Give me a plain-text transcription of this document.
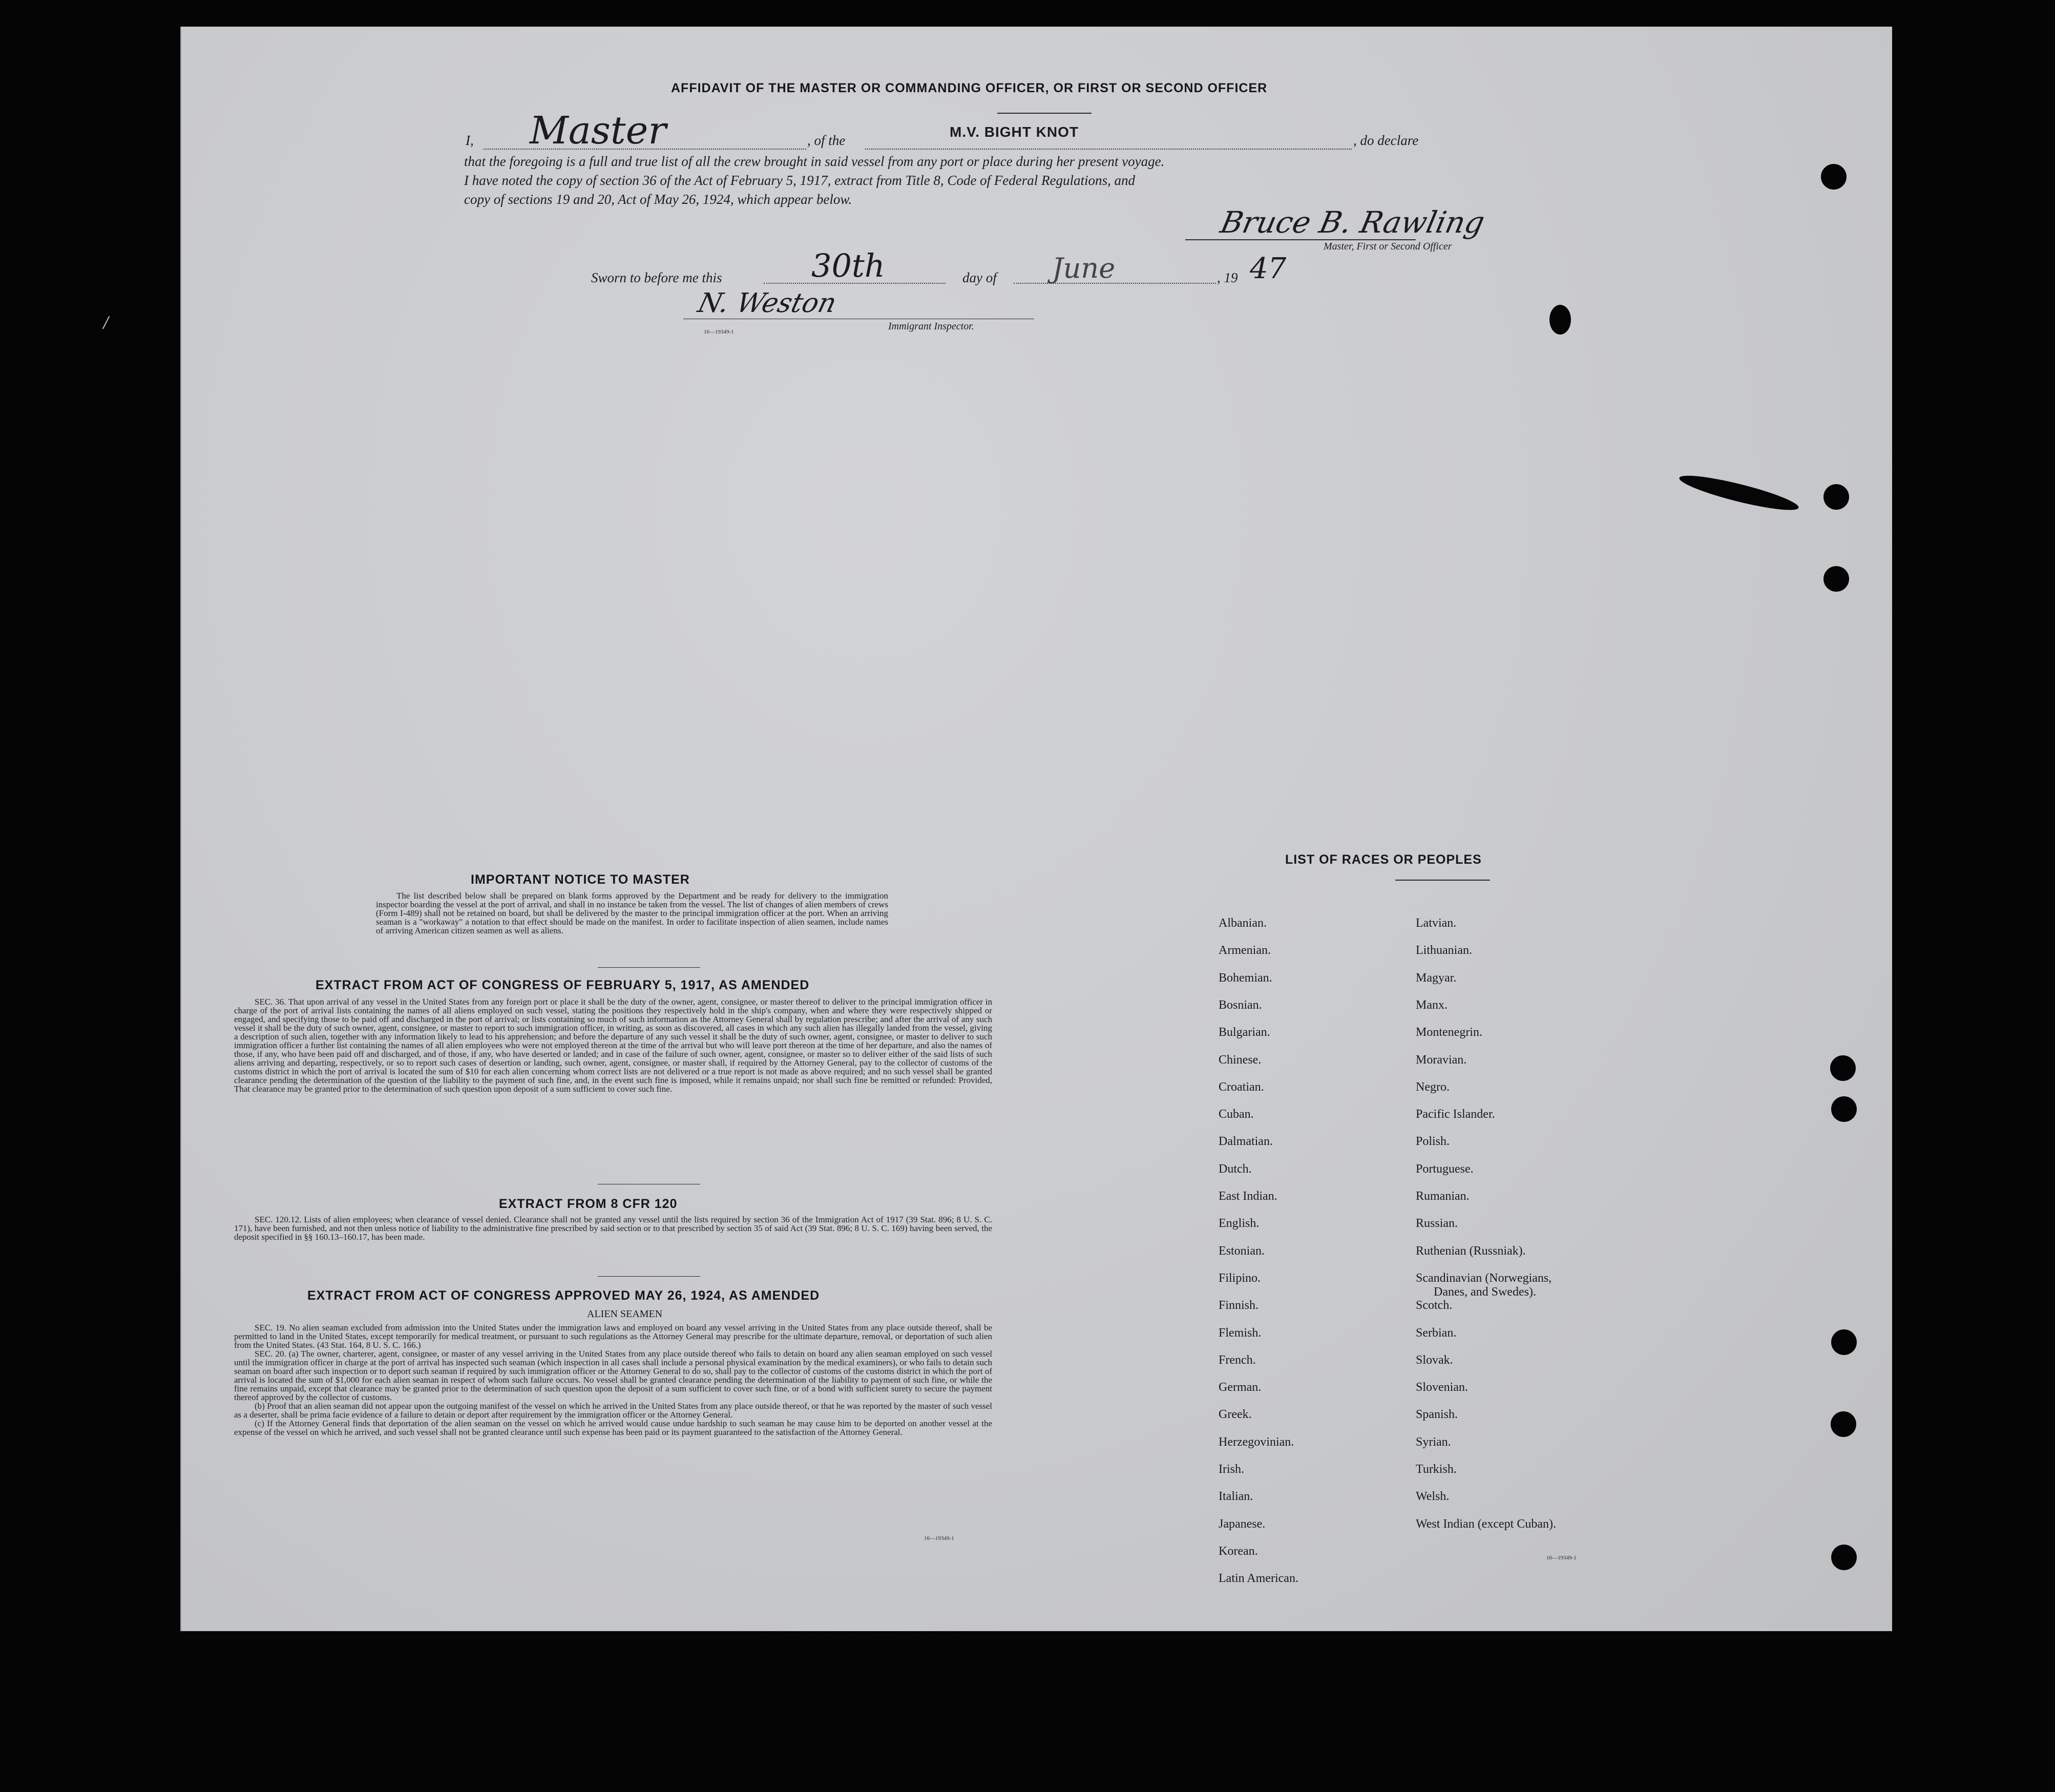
AFFIDAVIT OF THE MASTER OR COMMANDING OFFICER, OR FIRST OR SECOND OFFICER
I, Master	, of the
M.V. BIGHT KNOT
, do declare
that the foregoing is a full and true list of all the crew brought in said vessel from any port or place during her present voyage.
I have noted the copy of section 36 of the Act of February 5, 1917, extract from Title 8, Code of Federal Regulations, and
copy of sections 19 and 20, Act of May 26, 1924, which appear below.
Bruce B. Rawling
Master, First or Second Officer
Sworn to before me this	30th	day of June	, 19 47
N. Weston
Immigrant Inspector.
16—19349-1
IMPORTANT NOTICE TO MASTER

The list described below shall be prepared on blank forms approved by the Department and be ready for delivery to the immigration inspector boarding the vessel at the port of arrival, and shall in no instance be taken from the vessel. The list of changes of alien members of crews (Form I-489) shall not be retained on board, but shall be delivered by the master to the principal immigration officer at the port. When an arriving seaman is a "workaway" a notation to that effect should be made on the manifest. In order to facilitate inspection of alien seamen, include names of arriving American citizen seamen as well as aliens.

EXTRACT FROM ACT OF CONGRESS OF FEBRUARY 5, 1917, AS AMENDED

SEC. 36. That upon arrival of any vessel in the United States from any foreign port or place it shall be the duty of the owner, agent, consignee, or master thereof to deliver to the principal immigration officer in charge of the port of arrival lists containing the names of all aliens employed on such vessel, stating the positions they respectively hold in the ship's company, when and where they were respectively shipped or engaged, and specifying those to be paid off and discharged in the port of arrival; or lists containing so much of such information as the Attorney General shall by regulation prescribe; and after the arrival of any such vessel it shall be the duty of such owner, agent, consignee, or master to report to such immigration officer, in writing, as soon as discovered, all cases in which any such alien has illegally landed from the vessel, giving a description of such alien, together with any information likely to lead to his apprehension; and before the departure of any such vessel it shall be the duty of such owner, agent, consignee, or master to deliver to such immigration officer a further list containing the names of all alien employees who were not employed thereon at the time of the arrival but who will leave port thereon at the time of her departure, and also the names of those, if any, who have been paid off and discharged, and of those, if any, who have deserted or landed; and in case of the failure of such owner, agent, consignee, or master so to deliver either of the said lists of such aliens arriving and departing, respectively, or so to report such cases of desertion or landing, such owner, agent, consignee, or master shall, if required by the Attorney General, pay to the collector of customs of the customs district in which the port of arrival is located the sum of $10 for each alien concerning whom correct lists are not delivered or a true report is not made as above required; and no such vessel shall be granted clearance pending the determination of the question of the liability to the payment of such fine, and, in the event such fine is imposed, while it remains unpaid; nor shall such fine be remitted or refunded: Provided, That clearance may be granted prior to the determination of such question upon deposit of a sum sufficient to cover such fine.

EXTRACT FROM 8 CFR 120

SEC. 120.12. Lists of alien employees; when clearance of vessel denied. Clearance shall not be granted any vessel until the lists required by section 36 of the Immigration Act of 1917 (39 Stat. 896; 8 U. S. C. 171), have been furnished, and not then unless notice of liability to the administrative fine prescribed by said section or to that prescribed by section 35 of said Act (39 Stat. 896; 8 U. S. C. 169) having been served, the deposit specified in §§ 160.13–160.17, has been made.

EXTRACT FROM ACT OF CONGRESS APPROVED MAY 26, 1924, AS AMENDED
ALIEN SEAMEN

SEC. 19. No alien seaman excluded from admission into the United States under the immigration laws and employed on board any vessel arriving in the United States from any place outside thereof, shall be permitted to land in the United States, except temporarily for medical treatment, or pursuant to such regulations as the Attorney General may prescribe for the ultimate departure, removal, or deportation of such alien from the United States. (43 Stat. 164, 8 U. S. C. 166.)

SEC. 20. (a) The owner, charterer, agent, consignee, or master of any vessel arriving in the United States from any place outside thereof who fails to detain on board any alien seaman employed on such vessel until the immigration officer in charge at the port of arrival has inspected such seaman (which inspection in all cases shall include a personal physical examination by the medical examiners), or who fails to detain such seaman on board after such inspection or to deport such seaman if required by such immigration officer or the Attorney General to do so, shall pay to the collector of customs of the customs district in which the port of arrival is located the sum of $1,000 for each alien seaman in respect of whom such failure occurs. No vessel shall be granted clearance pending the determination of the liability to payment of such fine, or while the fine remains unpaid, except that clearance may be granted prior to the determination of such question upon the deposit of a sum sufficient to cover such fine, or of a bond with sufficient surety to secure the payment thereof approved by the collector of customs.

(b) Proof that an alien seaman did not appear upon the outgoing manifest of the vessel on which he arrived in the United States from any place outside thereof, or that he was reported by the master of such vessel as a deserter, shall be prima facie evidence of a failure to detain or deport after requirement by the immigration officer or the Attorney General.

(c) If the Attorney General finds that deportation of the alien seaman on the vessel on which he arrived would cause undue hardship to such seaman he may cause him to be deported on another vessel at the expense of the vessel on which he arrived, and such vessel shall not be granted clearance until such expense has been paid or its payment guaranteed to the satisfaction of the Attorney General.

16—19349-1
LIST OF RACES OR PEOPLES
16—19349-1
/
Albanian.
Armenian.
Bohemian.
Bosnian.
Bulgarian.
Chinese.
Croatian.
Cuban.
Dalmatian.
Dutch.
East Indian.
English.
Estonian.
Filipino.
Finnish.
Flemish.
French.
German.
Greek.
Herzegovinian.
Irish.
Italian.
Japanese.
Korean.
Latin American.
Latvian.
Lithuanian.
Magyar.
Manx.
Montenegrin.
Moravian.
Negro.
Pacific Islander.
Polish.
Portuguese.
Rumanian.
Russian.
Ruthenian (Russniak).
Scandinavian (Norwegians,
Danes, and Swedes).
Scotch.
Serbian.
Slovak.
Slovenian.
Spanish.
Syrian.
Turkish.
Welsh.
West Indian (except Cuban).
